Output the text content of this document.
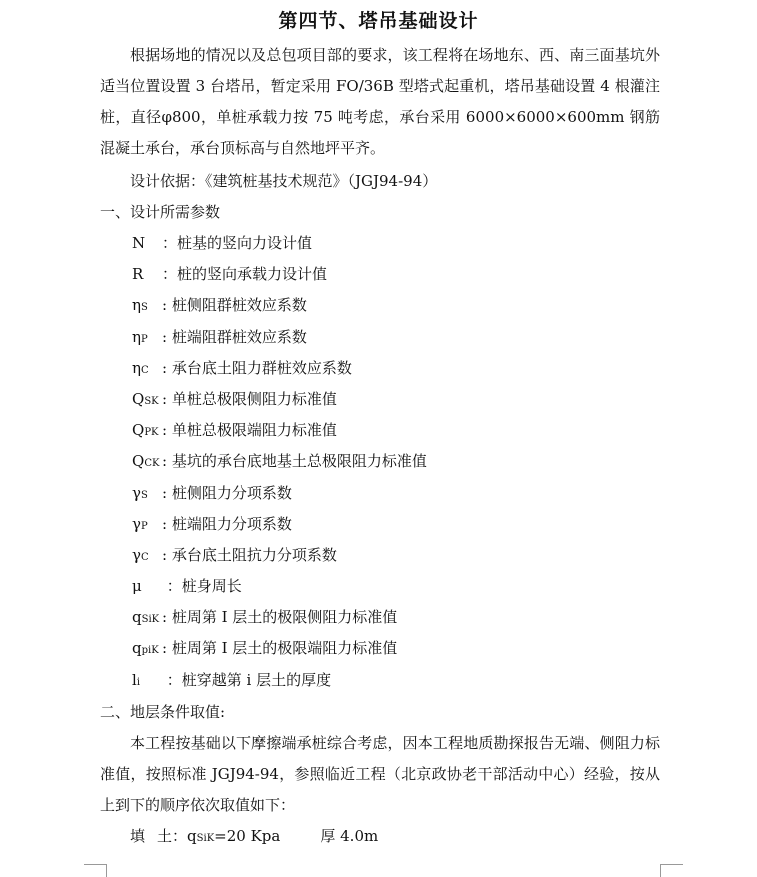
第四节、塔吊基础设计
根据场地的情况以及总包项目部的要求，该工程将在场地东、西、南三面基坑外适当位置设置 3 台塔吊，暂定采用 FO/36B 型塔式起重机，塔吊基础设置 4 根灌注桩，直径φ800，单桩承载力按 75 吨考虑，承台采用 6000×6000×600mm 钢筋混凝土承台，承台顶标高与自然地坪平齐。
设计依据：《建筑桩基技术规范》（JGJ94-94）
一、设计所需参数
N ：桩基的竖向力设计值
R ：桩的竖向承载力设计值
ηS : 桩侧阻群桩效应系数
ηP : 桩端阻群桩效应系数
ηC : 承台底土阻力群桩效应系数
QSK : 单桩总极限侧阻力标准值
QPK : 单桩总极限端阻力标准值
QCK : 基坑的承台底地基土总极限阻力标准值
γS : 桩侧阻力分项系数
γP : 桩端阻力分项系数
γC : 承台底土阻抗力分项系数
μ ：桩身周长
qSiK : 桩周第 I 层土的极限侧阻力标准值
qpiK : 桩周第 I 层土的极限端阻力标准值
li ：桩穿越第 i 层土的厚度
二、地层条件取值:
本工程按基础以下摩擦端承桩综合考虑，因本工程地质勘探报告无端、侧阻力标准值，按照标准 JGJ94-94，参照临近工程（北京政协老干部活动中心）经验，按从上到下的顺序依次取值如下：
填 土：qSiK=20 Kpa	厚 4.0m
